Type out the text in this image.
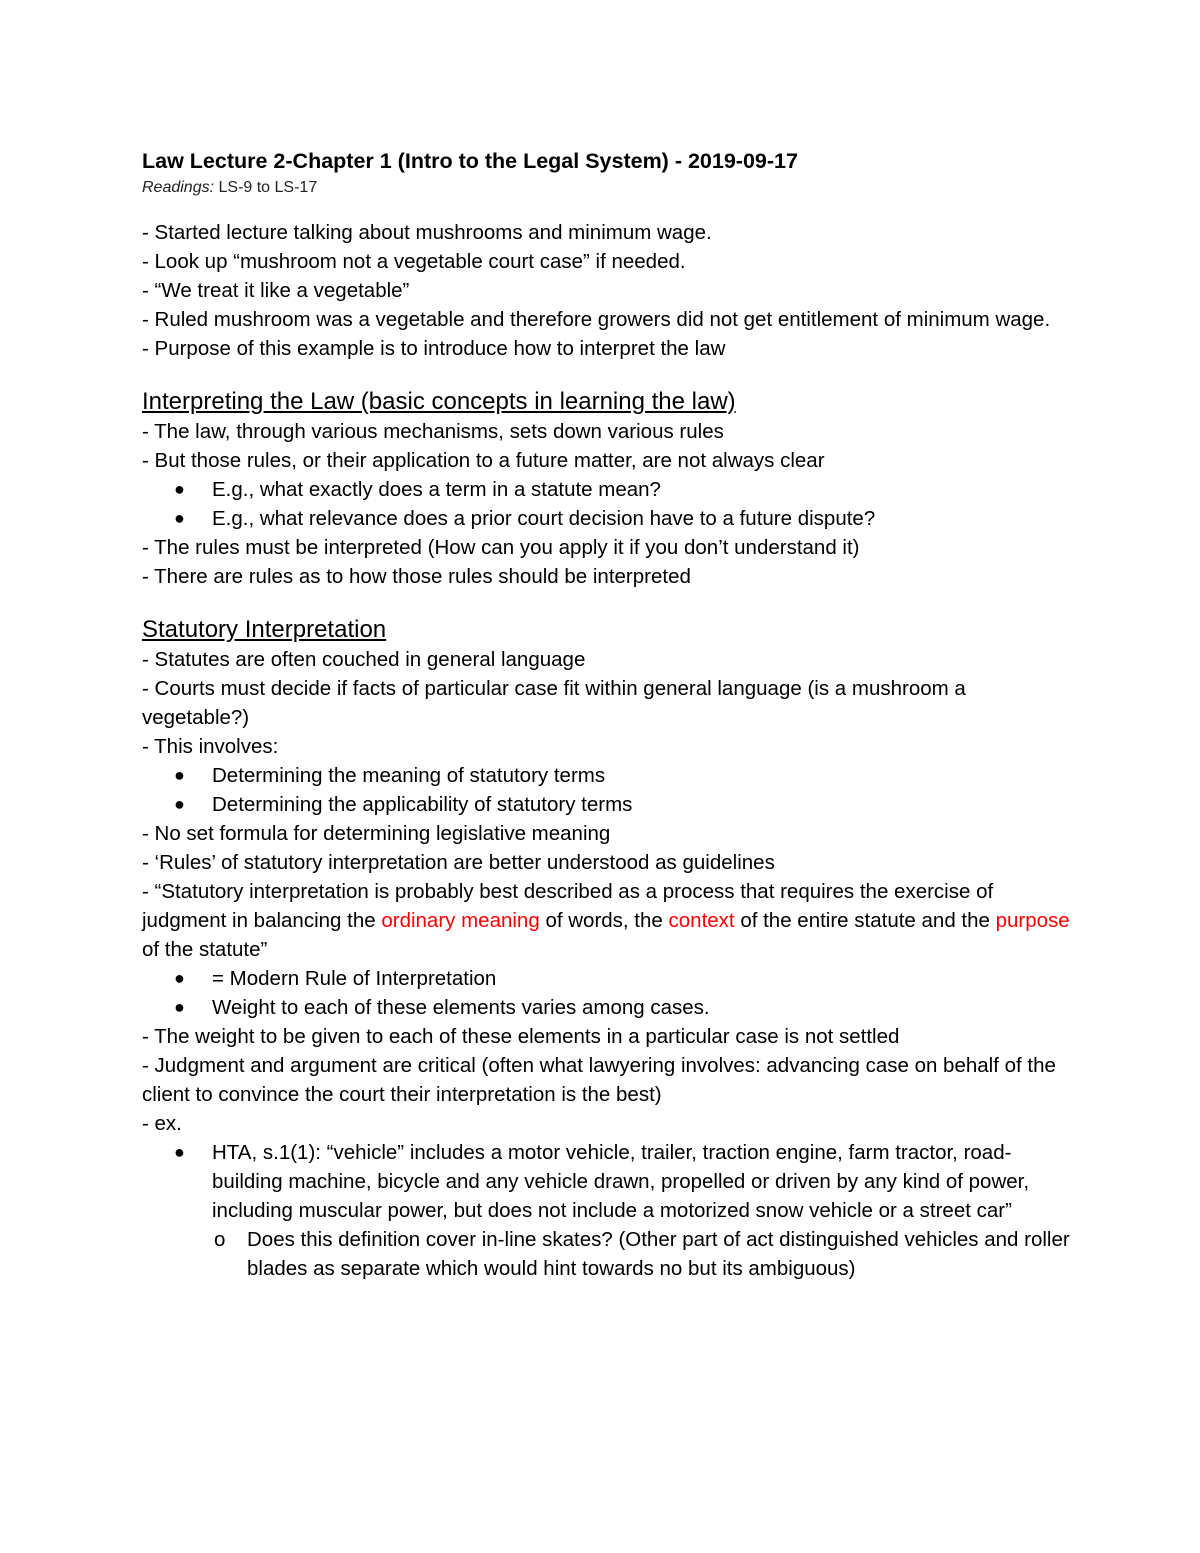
Law Lecture 2-Chapter 1 (Intro to the Legal System) - 2019-09-17

Readings: LS-9 to LS-17

- Started lecture talking about mushrooms and minimum wage.

- Look up “mushroom not a vegetable court case” if needed.

- “We treat it like a vegetable”

- Ruled mushroom was a vegetable and therefore growers did not get entitlement of minimum wage.

- Purpose of this example is to introduce how to interpret the law

Interpreting the Law (basic concepts in learning the law)

- The law, through various mechanisms, sets down various rules

- But those rules, or their application to a future matter, are not always clear

● E.g., what exactly does a term in a statute mean?
● E.g., what relevance does a prior court decision have to a future dispute?

- The rules must be interpreted (How can you apply it if you don’t understand it)

- There are rules as to how those rules should be interpreted

Statutory Interpretation

- Statutes are often couched in general language

- Courts must decide if facts of particular case fit within general language (is a mushroom a vegetable?)

- This involves:

● Determining the meaning of statutory terms
● Determining the applicability of statutory terms

- No set formula for determining legislative meaning

- ‘Rules’ of statutory interpretation are better understood as guidelines

- “Statutory interpretation is probably best described as a process that requires the exercise of judgment in balancing the ordinary meaning of words, the context of the entire statute and the purpose of the statute”

● = Modern Rule of Interpretation
● Weight to each of these elements varies among cases.

- The weight to be given to each of these elements in a particular case is not settled

- Judgment and argument are critical (often what lawyering involves: advancing case on behalf of the client to convince the court their interpretation is the best)

- ex.

● HTA, s.1(1): “vehicle” includes a motor vehicle, trailer, traction engine, farm tractor, road-building machine, bicycle and any vehicle drawn, propelled or driven by any kind of power, including muscular power, but does not include a motorized snow vehicle or a street car”
o Does this definition cover in-line skates? (Other part of act distinguished vehicles and roller blades as separate which would hint towards no but its ambiguous)
